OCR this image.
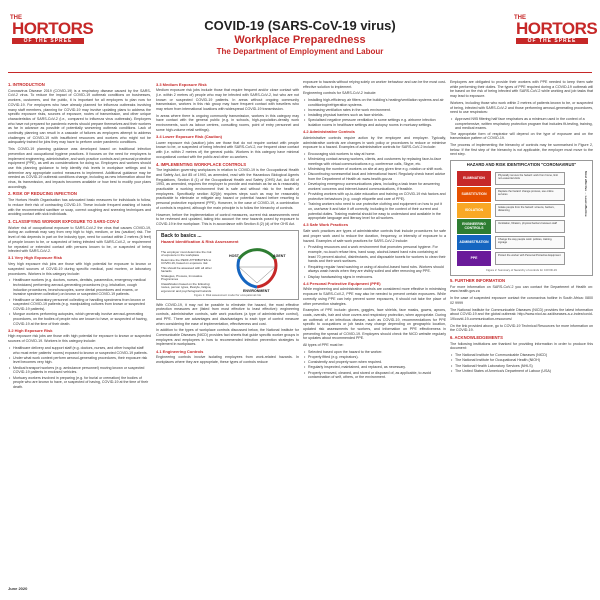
THE
HORTORS
OF THE SPREE
COVID-19 (SARS-CoV-19 virus)
Workplace Preparedness
The Department of Employment and Labour
THE
HORTORS
OF THE SPREE
1. INTRODUCTION
Coronavirus Disease 2019 (COVID-19) is a respiratory disease caused by the SARS-CoV-2 virus. To reduce the impact of COVID-19 outbreak conditions on businesses, workers, customers, and the public, it is important for all employers to plan now for COVID-19. For employers who have already planned for influenza outbreaks involving many staff members, planning for COVID-19 may involve updating plans to address the specific exposure risks, sources of exposure, routes of transmission, and other unique characteristics of SARS-CoV-2 (i.e., compared to influenza virus outbreaks). Employers who have not prepared for pandemic events should prepare themselves and their workers as far in advance as possible of potentially worsening outbreak conditions. Lack of continuity planning can result in a cascade of failures as employers attempt to address challenges of COVID-19 with insufficient resources and workers who might not be adequately trained for jobs they may have to perform under pandemic conditions.
This COVID-19 planning guidance was developed based on traditional infection prevention and occupational hygiene practices. It focuses on the need for employers to implement engineering, administrative, and work practice controls and personal protective equipment (PPE), as well as considerations for doing so. Employers and workers should use this planning guidance to help identify risk levels in workplace settings and to determine any appropriate control measures to implement. Additional guidance may be needed as COVID-19 outbreak conditions change, including as new information about the virus, its transmission, and impacts becomes available or how best to modify your plans accordingly.
2. RISK OF REDUCING INFECTION
The Hortors Health Organisation has advocated basic measures for individuals to follow, to reduce their risk of contracting COVID-19. These include frequent washing of hands with the recommended sanitiser or soap, correct coughing and sneezing techniques and avoiding contact with sick individuals.
3. CLASSIFYING WORKER EXPOSURE TO SARS-COV-2
Worker risk of occupational exposure to SARS-CoV-2 the virus that causes COVID-19, during an outbreak may vary from very high to high, medium, or low (caution) risk. The level of risk depends in part on the industry type, need for contact within 2 metres (6 feet) of people known to be, or suspected of being infected with SARS-CoV-2, or requirement for repeated or extended contact with persons known to be, or suspected of being infected with SARS-CoV-2.
3.1 Very High Exposure Risk
Very high exposure risk jobs are those with high potential for exposure to known or suspected sources of COVID-19 during specific medical, post mortem, or laboratory procedures. Workers in this category include:
• Healthcare workers (e.g. doctors, nurses, dentists, paramedics, emergency medical technicians) performing aerosol-generating procedures (e.g. intubation, cough induction procedures, bronchoscopies, some dental procedures and exams, or invasive specimen collection) on known or suspected COVID-19 patients.
• Healthcare or laboratory personnel collecting or handling specimens from known or suspected COVID-19 patients (e.g. manipulating cultures from known or suspected COVID-19 patients).
• Morgue workers performing autopsies, which generally involve aerosol-generating procedures, on the bodies of people who are known to have, or suspected of having, COVID-19 at the time of their death.
3.2 High Exposure Risk
High exposure risk jobs are those with high potential for exposure to known or suspected sources of COVID-19. Workers in this category include:
• Healthcare delivery and support staff (e.g. doctors, nurses, and other hospital staff who must enter patients' rooms) exposed to known or suspected COVID-19 patients.
• Under what work context perform aerosol-generating procedures, their exposure risk level becomes very high.
• Medical transport workers (e.g. ambulance personnel) moving known or suspected COVID-19 patients in enclosed vehicles.
• Mortuary workers involved in preparing (e.g. for burial or cremation) the bodies of people who are known to have, or suspected of having, COVID-19 at the time of their death.
3.3 Medium Exposure Risk
Medium exposure risk jobs include those that require frequent and/or close contact with (i.e. within 2 metres of) people who may be infected with SARS-CoV-2, but who are not known or suspected COVID-19 patients. In areas without ongoing community transmission, workers in this risk group may have frequent contact with travellers who may return from international locations with widespread COVID-19 transmission.
In areas where there is ongoing community transmission, workers in this category may have contact with the general public (e.g. in schools, high-population-density work environments, such as labour centres, consulting rooms, point of entry personnel and some high-volume retail settings).
3.4 Lower Exposure Risk (Caution)
Lower exposure risk (caution) jobs are those that do not require contact with people known to be, or suspected of being infected with SARS-CoV-2, nor frequent close contact with (i.e. within 2 metres of) the general public. Workers in this category have minimal occupational contact with the public and other co-workers.
4. IMPLEMENTING WORKPLACE CONTROLS
The legislation governing workplaces in relation to COVID-19 is the Occupational Health and Safety Act, Act 85 of 1993, as amended, read with the Hazardous Biological Agents Regulations, Section 8 (1) of the Occupational Health and Safety (OHS) Act, Act 85 of 1993, as amended, requires the employer to provide and maintain as far as is reasonably practicable a working environment that is safe and without risk to the health of employees. Specifically section 8(2)(b) requires steps such as may be reasonably practicable to eliminate or mitigate any hazard or potential hazard before resorting to personal protective equipment (PPE). However, in the case of COVID-19, a combination of controls is required, although the main principle is to follow the hierarchy of controls.
However, before the implementation of control measures, current risk assessments need to be reviewed and updated, taking into account the new hazards posed by exposure to COVID-19 in the workplace. This is in accordance with Section 8 (2) (d) of the OHS Act.
Back to basics ...
Hazard Identification & Risk Assessment
The employer must determine the risk of exposure in the workplace
Determine the PERF ATTRIBUTES to COVID-19, based on exposure risk
This should be assessed with all other hazards
Strategies, Process, Innovative Programmes
Classification based on the following: routes, person types, lifestyle, fatigue, ergonomic and psychological hazards
HOST	AGENT
ENVIRONMENT
Figure 1: Risk assessment model for occupational risk
With COVID-19, it may not be possible to eliminate the hazard, the most effective protection measures are (listed from most effective to least effective): engineering controls, administrative controls, safe work practices (a type of administrative control), and PPE. There are advantages and disadvantages to each type of control measure when considering the ease of implementation, effectiveness and cost.
In addition to the types of workplace controls discussed below, the National Institute for Communicable Diseases (NICD) provides fact sheets that guide specific worker groups in employers and employees in how to recommended infection prevention strategies to implement in workplaces.
4.1 Engineering Controls
Engineering controls involve isolating employees from work-related hazards. In workplaces where they are appropriate, these types of controls reduce
exposure to hazards without relying solely on worker behaviour and can be the most cost-effective solution to implement.
Engineering controls for SARS-CoV-2 include:
• Installing high-efficiency air filters on the building's heating/ventilation systems and air conditioning/refrigeration systems.
• Increasing ventilation rates in the work environment.
• Installing physical barriers such as face shields.
• Specialised negative pressure ventilation in some settings e.g. airborne infection isolation rooms in healthcare settings and autopsy rooms in mortuary settings.
4.2 Administrative Controls
Administrative controls require action by the employee and employer. Typically, administrative controls are changes in work policy or procedures to reduce or minimise exposure to a hazard. Examples of administrative controls for SARS-CoV-2 include:
• Encouraging sick workers to stay at home.
• Minimizing contact among workers, clients, and customers by replacing face-to-face meetings with virtual communications e.g. conference calls, Skype, etc.
• Minimising the number of workers on site at any given time e.g. rotation or shift work.
• Discontinuing nonessential local and international travel. Regularly check travel advice from the Department of Health at: www.health.gov.za
• Developing emergency communications plans, including a task team for answering workers' concerns and internet-based communications, if feasible.
• Providing workers with up-to-date education and training on COVID-19 risk factors and protective behaviours (e.g. cough etiquette and care of PPE).
• Training workers who need to use protective clothing and equipment on how to put it on, use/wear it and take it off correctly, including in the context of their current and potential duties. Training material should be easy to understand and available in the appropriate language and literacy level for all workers.
4.3 Safe Work Practices
Safe work practices are types of administrative controls that include procedures for safe and proper work used to reduce the duration, frequency, or intensity of exposure to a hazard. Examples of safe work practices for SARS-CoV-2 include:
• Providing resources and a work environment that promotes personal hygiene. For example, no-touch refuse bins, hand soap, alcohol-based hand rubs containing at least 70 percent alcohol, disinfectants, and disposable towels for workers to clean their hands and their work surfaces.
• Requiring regular hand washing or using of alcohol-based hand rubs. Workers should always wash hands when they are visibly soiled and after removing any PPE.
• Display handwashing signs in restrooms.
4.4 Personal Protective Equipment (PPE)
While engineering and administrative controls are considered more effective in minimising exposure to SARS-CoV-2, PPE may also be needed to prevent certain exposures. While correctly using PPE can help prevent some exposures, it should not take the place of other prevention strategies.
Examples of PPE include: gloves, goggles, face shields, face masks, gowns, aprons, coats, overalls, hair and shoe covers and respiratory protection, when appropriate. During an outbreak of an infectious disease, such as COVID-19, recommendations for PPE specific to occupations or job tasks may change depending on geographic location, updated risk assessments for workers, and information on PPE effectiveness in preventing the spread of COVID-19. Employers should check the NICD website regularly for updates about recommended PPE.
All types of PPE must be:
• Selected based upon the hazard to the worker.
• Properly fitted (e.g. respirators).
• Consistently and properly worn when required.
• Regularly inspected, maintained, and replaced, as necessary.
• Properly removed, cleaned, and stored or disposed of, as applicable, to avoid contamination of self, others, or the environment.
Employers are obligated to provide their workers with PPE needed to keep them safe while performing their duties. The types of PPE required during a COVID-19 outbreak will be based on the risk of being infected with SARS-CoV-2 while working and job tasks that may lead to exposure.
Workers, including those who work within 2 metres of patients known to be, or suspected of being, infected with SARS-CoV-2 and those performing aerosol-generating procedures, need to use respirators:
• Approved N95 filtering half face respirators as a minimum used in the context of a comprehensive, written respiratory protection program that includes fit-testing, training, and medical exams.
The appropriate form of respirator will depend on the type of exposure and on the transmission pattern of COVID-19.
The process of implementing the hierarchy of controls may be summarised in Figure 2, below. If the first step of the hierarchy is not applicable, the employer must move to the next step.
HAZARD AND RISK IDENTIFICATION "CORONAVIRUS"
ELIMINATION
Physically remove the hazard: work from home, limit non-essential visits
SUBSTITUTION
Replace the hazard: change process, use online services
ISOLATION
Isolate people from the hazard: screens, barriers, distancing
ENGINEERING CONTROLS
Ventilation, filtration, physical barriers between staff
ADMINISTRATION
Change the way people work: policies, training, signage
PPE
Protect the worker with Personal Protective Equipment
Most effective → Least effective
Figure 2: Summary of hierarchy of controls for COVID-19
5. FURTHER INFORMATION
For more information on SARS-CoV-2 you can contact the Department of Health on: www.health.gov.za
In the case of suspected exposure contact the coronavirus hotline in South Africa: 0800 02 9999
The National Institute for Communicable Diseases (NICD) provides the latest information about COVID-19 and the global outbreak: http://www.nicd.ac.za/diseases-a-z-index/covid-19/covid-19-communication-resources/
On the link provided above, go to COVID-19 Technical Resources for more information on the COVID-19.
6. ACKNOWLEDGEMENTS
The following institutions are thanked for providing information in order to produce this document:
• The National Institute for Communicable Diseases (NICD)
• The National Institute for Occupational Health (NIOH)
• The National Health Laboratory Services (NHLS)
• The United States of America's Department of Labour (USA)
June 2020
